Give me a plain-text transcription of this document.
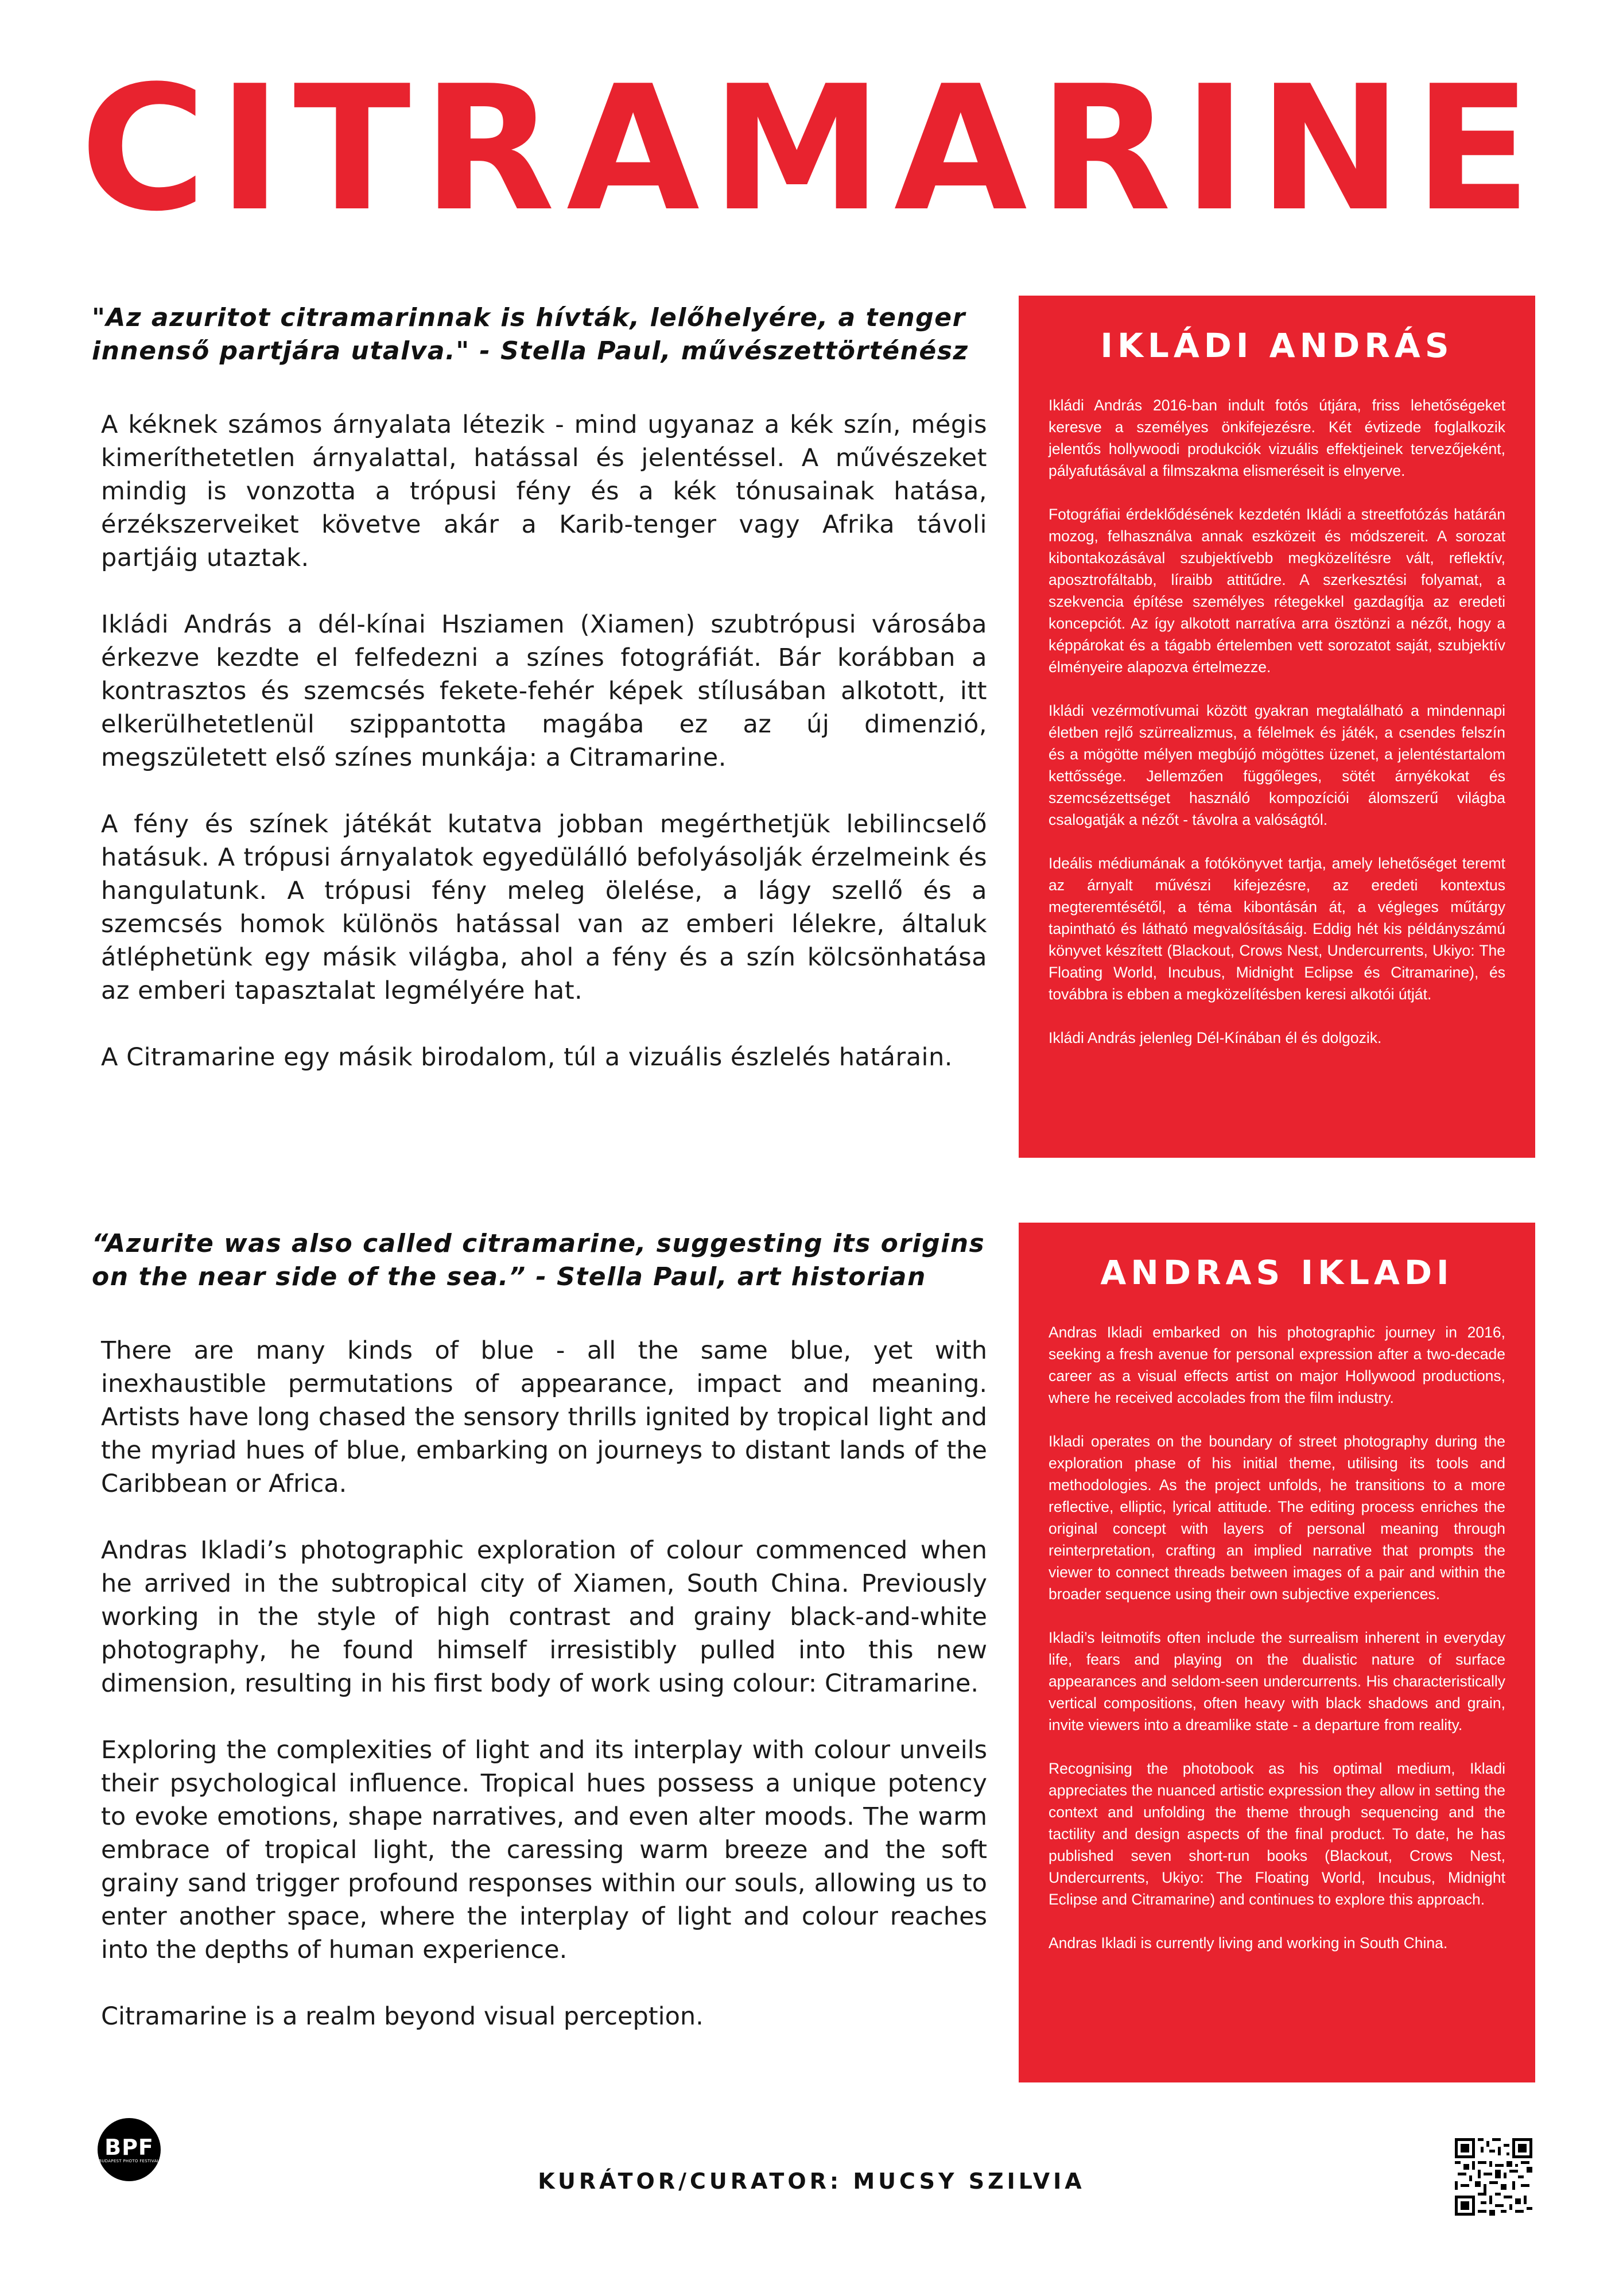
CITRAMARINE

"Az azuritot citramarinnak is hívták, lelőhelyére, a tenger innenső partjára utalva." - Stella Paul, művészettörténész

A kéknek számos árnyalata létezik - mind ugyanaz a kék szín, mégis kimeríthetetlen árnyalattal, hatással és jelentéssel. A művészeket mindig is vonzotta a trópusi fény és a kék tónusainak hatása, érzékszerveiket követve akár a Karib-tenger vagy Afrika távoli partjáig utaztak.

Ikládi András a dél-kínai Hsziamen (Xiamen) szubtrópusi városába érkezve kezdte el felfedezni a színes fotográfiát. Bár korábban a kontrasztos és szemcsés fekete-fehér képek stílusában alkotott, itt elkerülhetetlenül szippantotta magába ez az új dimenzió, megszületett első színes munkája: a Citramarine.

A fény és színek játékát kutatva jobban megérthetjük lebilincselő hatásuk. A trópusi árnyalatok egyedülálló befolyásolják érzelmeink és hangulatunk. A trópusi fény meleg ölelése, a lágy szellő és a szemcsés homok különös hatással van az emberi lélekre, általuk átléphetünk egy másik világba, ahol a fény és a szín kölcsönhatása az emberi tapasztalat legmélyére hat.

A Citramarine egy másik birodalom, túl a vizuális észlelés határain.

IKLÁDI ANDRÁS

Ikládi András 2016-ban indult fotós útjára, friss lehetőségeket keresve a személyes önkifejezésre. Két évtizede foglalkozik jelentős hollywoodi produkciók vizuális effektjeinek tervezőjeként, pályafutásával a filmszakma elismeréseit is elnyerve.

Fotográfiai érdeklődésének kezdetén Ikládi a streetfotózás határán mozog, felhasználva annak eszközeit és módszereit. A sorozat kibontakozásával szubjektívebb megközelítésre vált, reflektív, aposztrofáltabb, líraibb attitűdre. A szerkesztési folyamat, a szekvencia építése személyes rétegekkel gazdagítja az eredeti koncepciót. Az így alkotott narratíva arra ösztönzi a nézőt, hogy a képpárokat és a tágabb értelemben vett sorozatot saját, szubjektív élményeire alapozva értelmezze.

Ikládi vezérmotívumai között gyakran megtalálható a mindennapi életben rejlő szürrealizmus, a félelmek és játék, a csendes felszín és a mögötte mélyen megbújó mögöttes üzenet, a jelentéstartalom kettőssége. Jellemzően függőleges, sötét árnyékokat és szemcsézettséget használó kompozíciói álomszerű világba csalogatják a nézőt - távolra a valóságtól.

Ideális médiumának a fotókönyvet tartja, amely lehetőséget teremt az árnyalt művészi kifejezésre, az eredeti kontextus megteremtésétől, a téma kibontásán át, a végleges műtárgy tapintható és látható megvalósításáig. Eddig hét kis példányszámú könyvet készített (Blackout, Crows Nest, Undercurrents, Ukiyo: The Floating World, Incubus, Midnight Eclipse és Citramarine), és továbbra is ebben a megközelítésben keresi alkotói útját.

Ikládi András jelenleg Dél-Kínában él és dolgozik.

“Azurite was also called citramarine, suggesting its origins on the near side of the sea.” - Stella Paul, art historian

There are many kinds of blue - all the same blue, yet with inexhaustible permutations of appearance, impact and meaning. Artists have long chased the sensory thrills ignited by tropical light and the myriad hues of blue, embarking on journeys to distant lands of the Caribbean or Africa.

Andras Ikladi’s photographic exploration of colour commenced when he arrived in the subtropical city of Xiamen, South China. Previously working in the style of high contrast and grainy black-and-white photography, he found himself irresistibly pulled into this new dimension, resulting in his first body of work using colour: Citramarine.

Exploring the complexities of light and its interplay with colour unveils their psychological influence. Tropical hues possess a unique potency to evoke emotions, shape narratives, and even alter moods. The warm embrace of tropical light, the caressing warm breeze and the soft grainy sand trigger profound responses within our souls, allowing us to enter another space, where the interplay of light and colour reaches into the depths of human experience.

Citramarine is a realm beyond visual perception.

ANDRAS IKLADI

Andras Ikladi embarked on his photographic journey in 2016, seeking a fresh avenue for personal expression after a two-decade career as a visual effects artist on major Hollywood productions, where he received accolades from the film industry.

Ikladi operates on the boundary of street photography during the exploration phase of his initial theme, utilising its tools and methodologies. As the project unfolds, he transitions to a more reflective, elliptic, lyrical attitude. The editing process enriches the original concept with layers of personal meaning through reinterpretation, crafting an implied narrative that prompts the viewer to connect threads between images of a pair and within the broader sequence using their own subjective experiences.

Ikladi’s leitmotifs often include the surrealism inherent in everyday life, fears and playing on the dualistic nature of surface appearances and seldom-seen undercurrents. His characteristically vertical compositions, often heavy with black shadows and grain, invite viewers into a dreamlike state - a departure from reality.

Recognising the photobook as his optimal medium, Ikladi appreciates the nuanced artistic expression they allow in setting the context and unfolding the theme through sequencing and the tactility and design aspects of the final product. To date, he has published seven short-run books (Blackout, Crows Nest, Undercurrents, Ukiyo: The Floating World, Incubus, Midnight Eclipse and Citramarine) and continues to explore this approach.

Andras Ikladi is currently living and working in South China.

BPF
BUDAPEST PHOTO FESTIVAL
KURÁTOR/CURATOR: MUCSY SZILVIA
